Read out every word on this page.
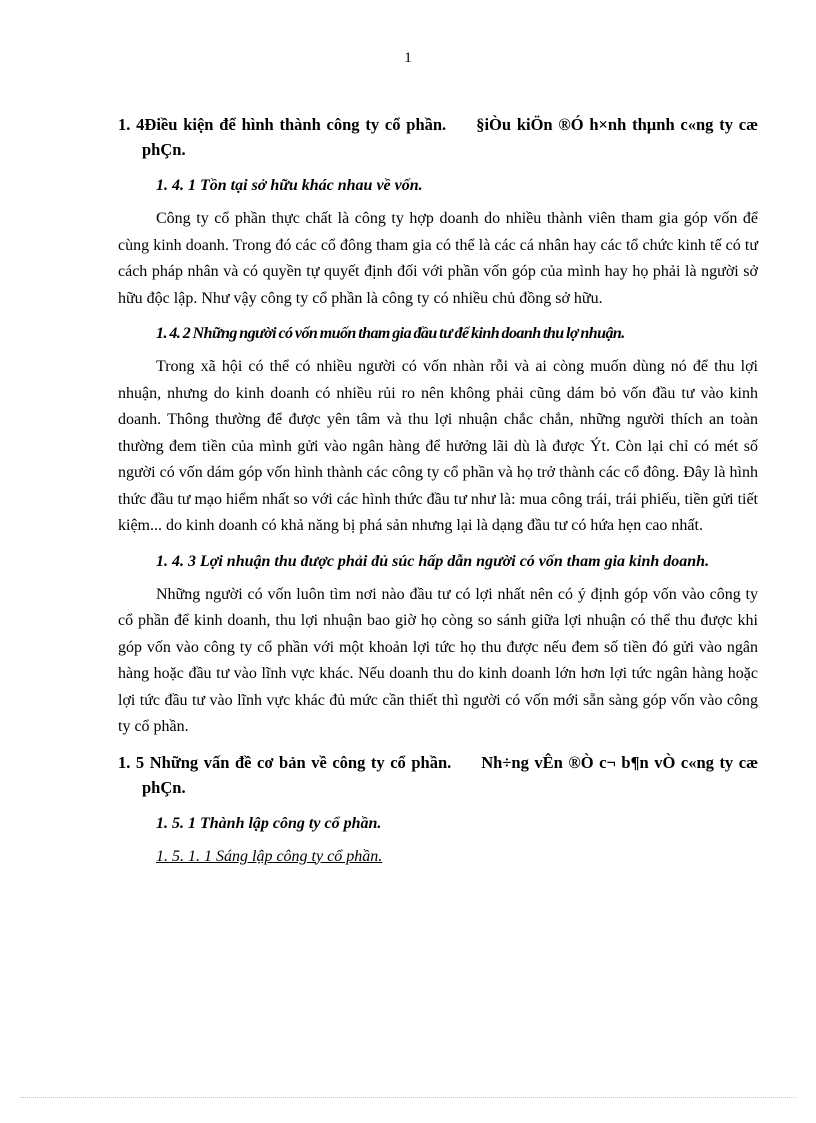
1

1. 4Điều kiện để hình thành công ty cổ phần. §iÒu kiÖn ®Ó h×nh thµnh c«ng ty cæ phÇn.

1. 4. 1 Tồn tại sở hữu khác nhau về vốn.

Công ty cổ phần thực chất là công ty hợp doanh do nhiều thành viên tham gia góp vốn để cùng kinh doanh. Trong đó các cổ đông tham gia có thể là các cá nhân hay các tổ chức kinh tế có tư cách pháp nhân và có quyền tự quyết định đối với phần vốn góp của mình hay họ phải là người sở hữu độc lập. Như vậy công ty cổ phần là công ty có nhiều chủ đồng sở hữu.

1. 4. 2 Những người có vốn muốn tham gia đầu tư để kinh doanh thu lợ nhuận.

Trong xã hội có thể có nhiều người có vốn nhàn rỗi và ai còng muốn dùng nó để thu lợi nhuận, nhưng do kinh doanh có nhiều rủi ro nên không phải cũng dám bỏ vốn đầu tư vào kinh doanh. Thông thường để được yên tâm và thu lợi nhuận chắc chắn, những người thích an toàn thường đem tiền của mình gửi vào ngân hàng để hưởng lãi dù là được Ýt. Còn lại chỉ có mét số người có vốn dám góp vốn hình thành các công ty cổ phần và họ trở thành các cổ đông. Đây là hình thức đầu tư mạo hiểm nhất so với các hình thức đầu tư như là: mua công trái, trái phiếu, tiền gửi tiết kiệm... do kinh doanh có khả năng bị phá sản nhưng lại là dạng đầu tư có hứa hẹn cao nhất.

1. 4. 3 Lợi nhuận thu được phải đủ súc hấp dẫn người có vốn tham gia kinh doanh.

Những người có vốn luôn tìm nơi nào đầu tư có lợi nhất nên có ý định góp vốn vào công ty cổ phần để kinh doanh, thu lợi nhuận bao giờ họ còng so sánh giữa lợi nhuận có thể thu được khi góp vốn vào công ty cổ phần với một khoản lợi tức họ thu được nếu đem số tiền đó gửi vào ngân hàng hoặc đầu tư vào lĩnh vực khác. Nếu doanh thu do kinh doanh lớn hơn lợi tức ngân hàng hoặc lợi tức đầu tư vào lĩnh vực khác đủ mức cần thiết thì người có vốn mới sẵn sàng góp vốn vào công ty cổ phần.

1. 5 Những vấn đề cơ bản về công ty cổ phần. Nh÷ng vÊn ®Ò c¬ b¶n vÒ c«ng ty cæ phÇn.

1. 5. 1 Thành lập công ty cổ phần.

1. 5. 1. 1 Sáng lập công ty cổ phần.
